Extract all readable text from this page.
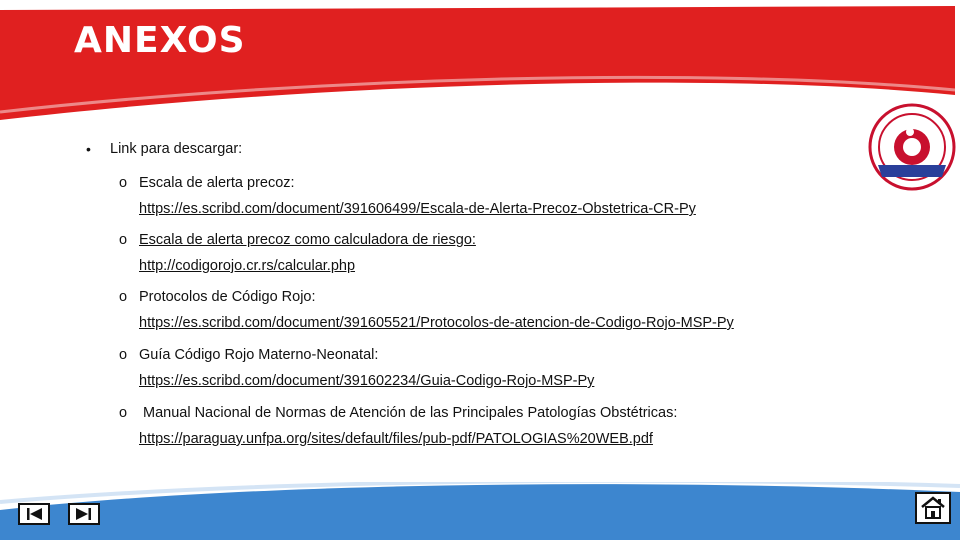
ANEXOS
•	Link para descargar:
o Escala de alerta precoz:
https://es.scribd.com/document/391606499/Escala-de-Alerta-Precoz-Obstetrica-CR-Py
o Escala de alerta precoz como calculadora de riesgo:
http://codigorojo.cr.rs/calcular.php
o Protocolos de Código Rojo:
https://es.scribd.com/document/391605521/Protocolos-de-atencion-de-Codigo-Rojo-MSP-Py
o Guía Código Rojo Materno-Neonatal:
https://es.scribd.com/document/391602234/Guia-Codigo-Rojo-MSP-Py
o	Manual Nacional de Normas de Atención de las Principales Patologías Obstétricas:
https://paraguay.unfpa.org/sites/default/files/pub-pdf/PATOLOGIAS%20WEB.pdf
